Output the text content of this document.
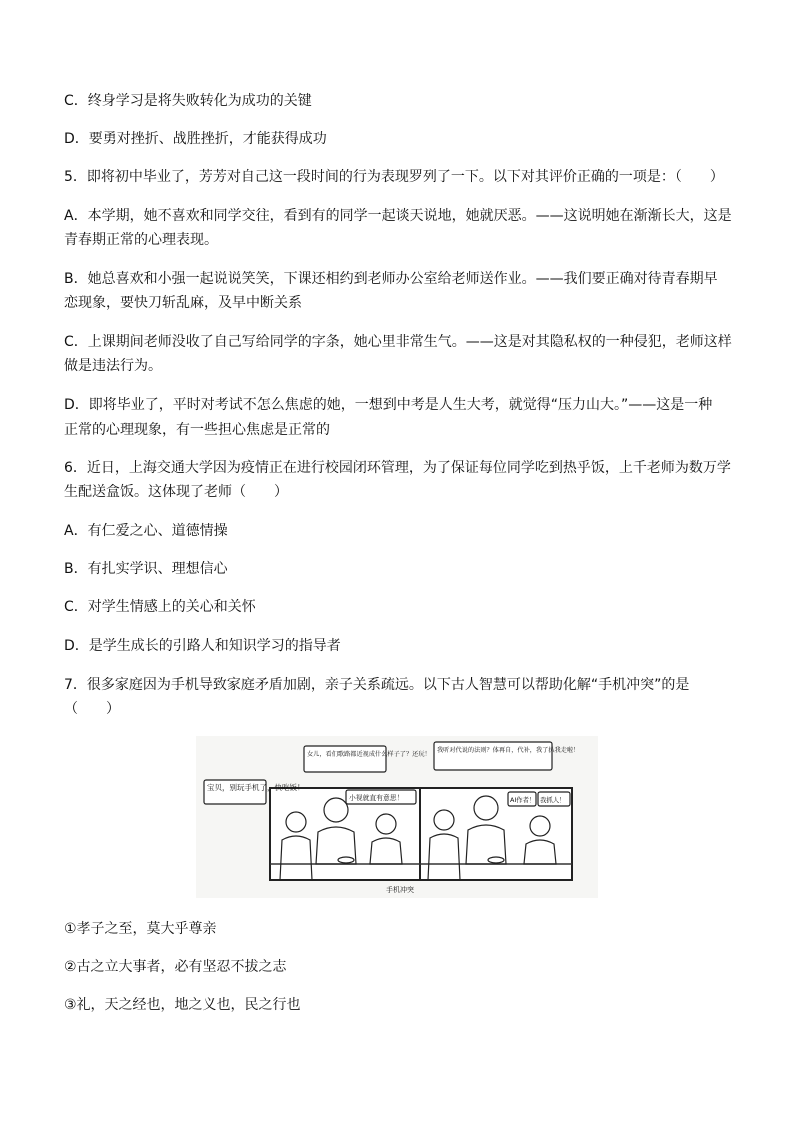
C．终身学习是将失败转化为成功的关键
D．要勇对挫折、战胜挫折，才能获得成功
5．即将初中毕业了，芳芳对自己这一段时间的行为表现罗列了一下。以下对其评价正确的一项是：（　　）
A．本学期，她不喜欢和同学交往，看到有的同学一起谈天说地，她就厌恶。——这说明她在渐渐长大，这是
青春期正常的心理表现。
B．她总喜欢和小强一起说说笑笑，下课还相约到老师办公室给老师送作业。——我们要正确对待青春期早
恋现象，要快刀斩乱麻，及早中断关系
C．上课期间老师没收了自己写给同学的字条，她心里非常生气。——这是对其隐私权的一种侵犯，老师这样
做是违法行为。
D．即将毕业了，平时对考试不怎么焦虑的她，一想到中考是人生大考，就觉得“压力山大。”——这是一种
正常的心理现象，有一些担心焦虑是正常的
6．近日，上海交通大学因为疫情正在进行校园闭环管理，为了保证每位同学吃到热乎饭，上千老师为数万学
生配送盒饭。这体现了老师（　　）
A．有仁爱之心、道德情操
B．有扎实学识、理想信心
C．对学生情感上的关心和关怀
D．是学生成长的引路人和知识学习的指导者
7．很多家庭因为手机导致家庭矛盾加剧，亲子关系疏远。以下古人智慧可以帮助化解“手机冲突”的是
（　　）
宝贝，别玩手机了，快吃饭！
女儿，看们歌路都近视成什么样子了？还玩！
小视就直有意思！
我听对代说的法则？体再自，代补，我了扒我走啦！
AI作者！ 我抓人！
手机冲突
①孝子之至，莫大乎尊亲
②古之立大事者，必有坚忍不拔之志
③礼，天之经也，地之义也，民之行也
